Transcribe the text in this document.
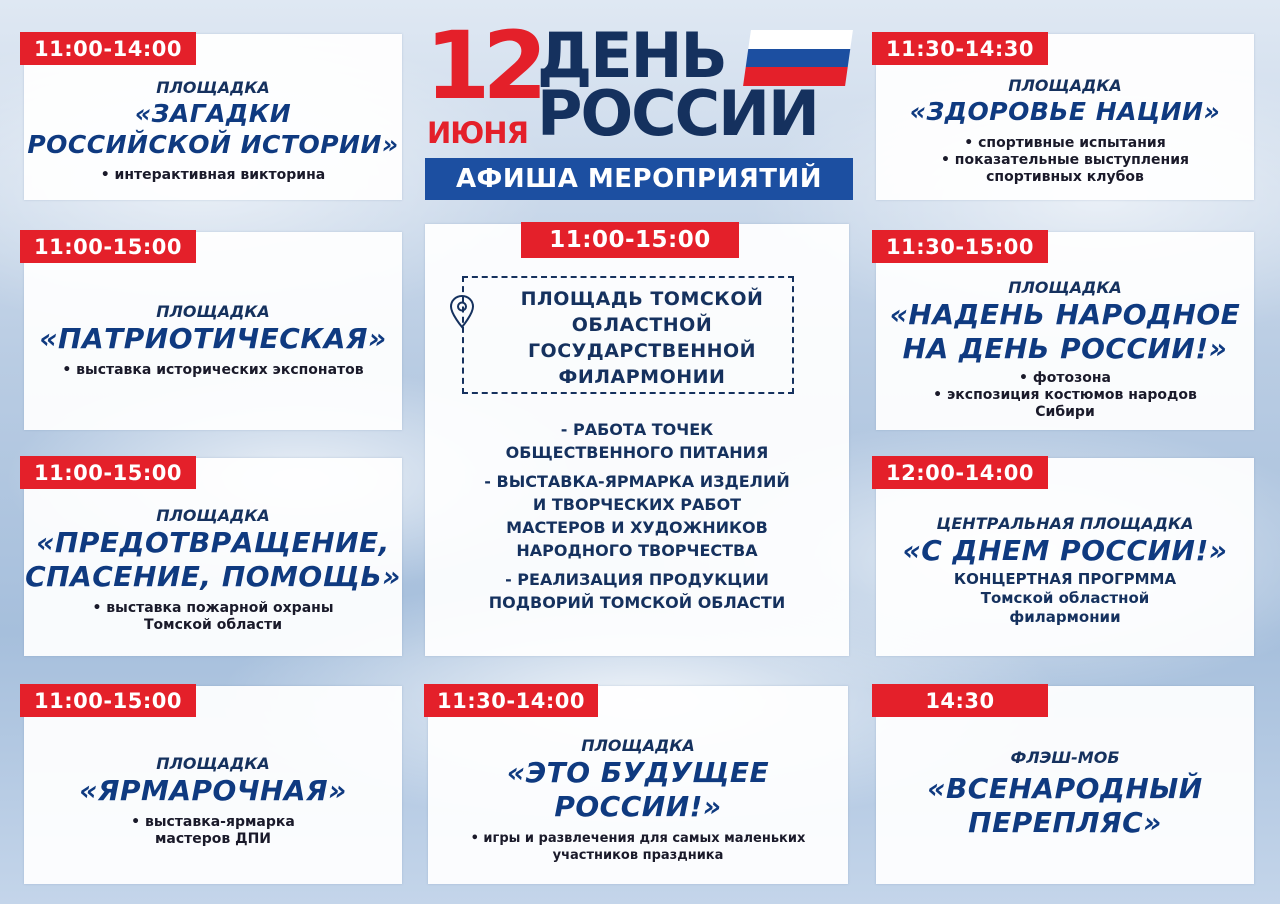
12
ИЮНЯ
ДЕНЬ
РОССИИ
АФИША МЕРОПРИЯТИЙ
11:00-14:00
ПЛОЩАДКА
«ЗАГАДКИ
РОССИЙСКОЙ ИСТОРИИ»
• интерактивная викторина
11:00-15:00
ПЛОЩАДКА
«ПАТРИОТИЧЕСКАЯ»
• выставка исторических экспонатов
11:00-15:00
ПЛОЩАДКА
«ПРЕДОТВРАЩЕНИЕ,
СПАСЕНИЕ, ПОМОЩЬ»
• выставка пожарной охраны
Томской области
11:00-15:00
ПЛОЩАДКА
«ЯРМАРОЧНАЯ»
• выставка-ярмарка
мастеров ДПИ
11:00-15:00
ПЛОЩАДЬ ТОМСКОЙ
ОБЛАСТНОЙ
ГОСУДАРСТВЕННОЙ
ФИЛАРМОНИИ
- РАБОТА ТОЧЕК
ОБЩЕСТВЕННОГО ПИТАНИЯ
- ВЫСТАВКА-ЯРМАРКА ИЗДЕЛИЙ
И ТВОРЧЕСКИХ РАБОТ
МАСТЕРОВ И ХУДОЖНИКОВ
НАРОДНОГО ТВОРЧЕСТВА
- РЕАЛИЗАЦИЯ ПРОДУКЦИИ
ПОДВОРИЙ ТОМСКОЙ ОБЛАСТИ
11:30-14:00
ПЛОЩАДКА
«ЭТО БУДУЩЕЕ
РОССИИ!»
• игры и развлечения для самых маленьких
участников праздника
11:30-14:30
ПЛОЩАДКА
«ЗДОРОВЬЕ НАЦИИ»
• спортивные испытания
• показательные выступления
спортивных клубов
11:30-15:00
ПЛОЩАДКА
«НАДЕНЬ НАРОДНОЕ
НА ДЕНЬ РОССИИ!»
• фотозона
• экспозиция костюмов народов
Сибири
12:00-14:00
ЦЕНТРАЛЬНАЯ ПЛОЩАДКА
«С ДНЕМ РОССИИ!»
КОНЦЕРТНАЯ ПРОГРММА
Томской областной
филармонии
14:30
ФЛЭШ-МОБ
«ВСЕНАРОДНЫЙ
ПЕРЕПЛЯС»
